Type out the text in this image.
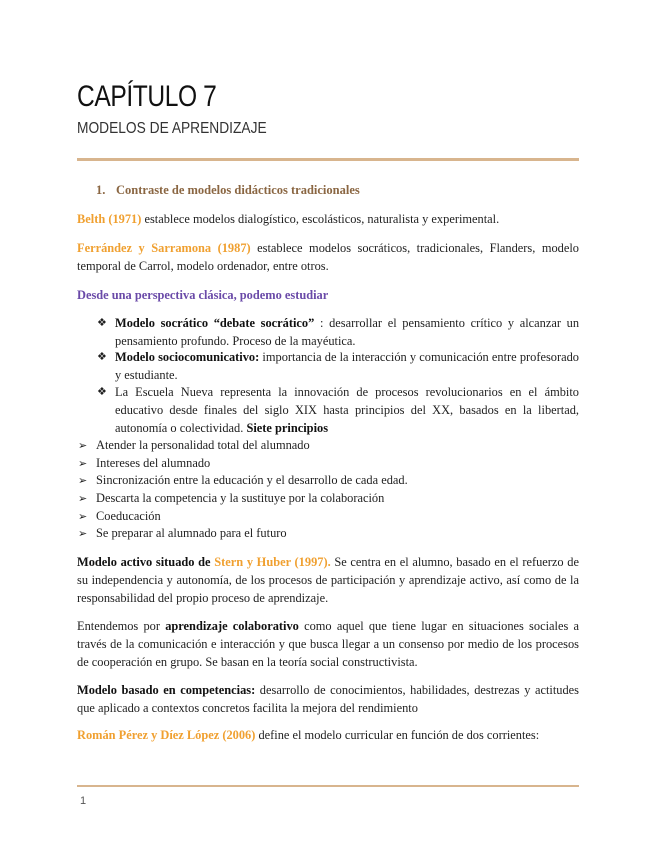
CAPÍTULO 7
MODELOS DE APRENDIZAJE
1. Contraste de modelos didácticos tradicionales
Belth (1971) establece modelos dialogístico, escolásticos, naturalista y experimental.
Ferrández y Sarramona (1987) establece modelos socráticos, tradicionales, Flanders, modelo temporal de Carrol, modelo ordenador, entre otros.
Desde una perspectiva clásica, podemo estudiar
❖ Modelo socrático “debate socrático” : desarrollar el pensamiento crítico y alcanzar un pensamiento profundo. Proceso de la mayéutica.
❖ Modelo sociocomunicativo: importancia de la interacción y comunicación entre profesorado y estudiante.
❖ La Escuela Nueva representa la innovación de procesos revolucionarios en el ámbito educativo desde finales del siglo XIX hasta principios del XX, basados en la libertad, autonomía o colectividad. Siete principios
➢ Atender la personalidad total del alumnado
➢ Intereses del alumnado
➢ Sincronización entre la educación y el desarrollo de cada edad.
➢ Descarta la competencia y la sustituye por la colaboración
➢ Coeducación
➢ Se preparar al alumnado para el futuro
Modelo activo situado de Stern y Huber (1997). Se centra en el alumno, basado en el refuerzo de su independencia y autonomía, de los procesos de participación y aprendizaje activo, así como de la responsabilidad del propio proceso de aprendizaje.
Entendemos por aprendizaje colaborativo como aquel que tiene lugar en situaciones sociales a través de la comunicación e interacción y que busca llegar a un consenso por medio de los procesos de cooperación en grupo. Se basan en la teoría social constructivista.
Modelo basado en competencias: desarrollo de conocimientos, habilidades, destrezas y actitudes que aplicado a contextos concretos facilita la mejora del rendimiento
Román Pérez y Díez López (2006) define el modelo curricular en función de dos corrientes:
1
